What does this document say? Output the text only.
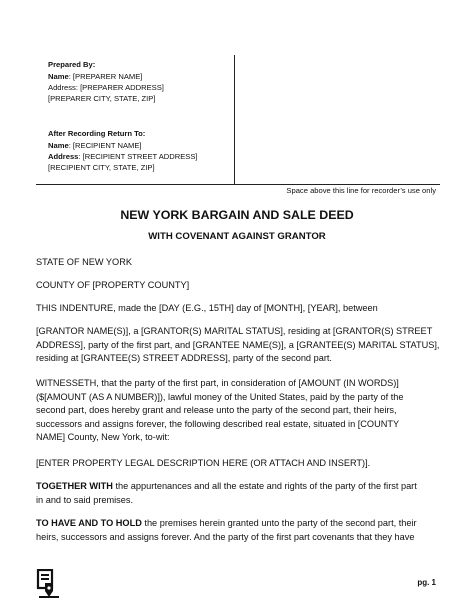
Prepared By:
Name: [PREPARER NAME]
Address: [PREPARER ADDRESS]
[PREPARER CITY, STATE, ZIP]
After Recording Return To:
Name: [RECIPIENT NAME]
Address: [RECIPIENT STREET ADDRESS]
[RECIPIENT CITY, STATE, ZIP]
Space above this line for recorder’s use only
NEW YORK BARGAIN AND SALE DEED
WITH COVENANT AGAINST GRANTOR
STATE OF NEW YORK
COUNTY OF [PROPERTY COUNTY]
THIS INDENTURE, made the [DAY (E.G., 15TH] day of [MONTH], [YEAR], between
[GRANTOR NAME(S)], a [GRANTOR(S) MARITAL STATUS], residing at [GRANTOR(S) STREET
ADDRESS], party of the first part, and [GRANTEE NAME(S)], a [GRANTEE(S) MARITAL STATUS],
residing at [GRANTEE(S) STREET ADDRESS], party of the second part.
WITNESSETH, that the party of the first part, in consideration of [AMOUNT (IN WORDS)]
($[AMOUNT (AS A NUMBER)]), lawful money of the United States, paid by the party of the
second part, does hereby grant and release unto the party of the second part, their heirs,
successors and assigns forever, the following described real estate, situated in [COUNTY
NAME] County, New York, to-wit:
[ENTER PROPERTY LEGAL DESCRIPTION HERE (OR ATTACH AND INSERT)].
TOGETHER WITH the appurtenances and all the estate and rights of the party of the first part
in and to said premises.
TO HAVE AND TO HOLD the premises herein granted unto the party of the second part, their
heirs, successors and assigns forever. And the party of the first part covenants that they have
pg. 1
